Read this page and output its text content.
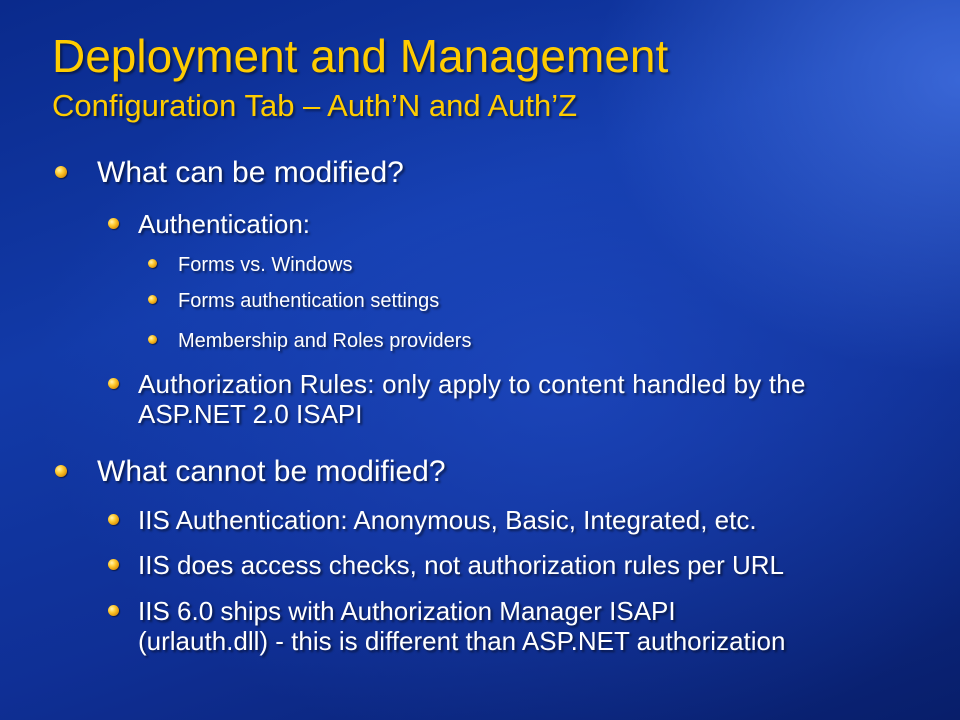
Deployment and Management
Configuration Tab – Auth’N and Auth’Z
What can be modified?
Authentication:
Forms vs. Windows
Forms authentication settings
Membership and Roles providers
Authorization Rules: only apply to content handled by the
ASP.NET 2.0 ISAPI
What cannot be modified?
IIS Authentication: Anonymous, Basic, Integrated, etc.
IIS does access checks, not authorization rules per URL
IIS 6.0 ships with Authorization Manager ISAPI
(urlauth.dll) - this is different than ASP.NET authorization
